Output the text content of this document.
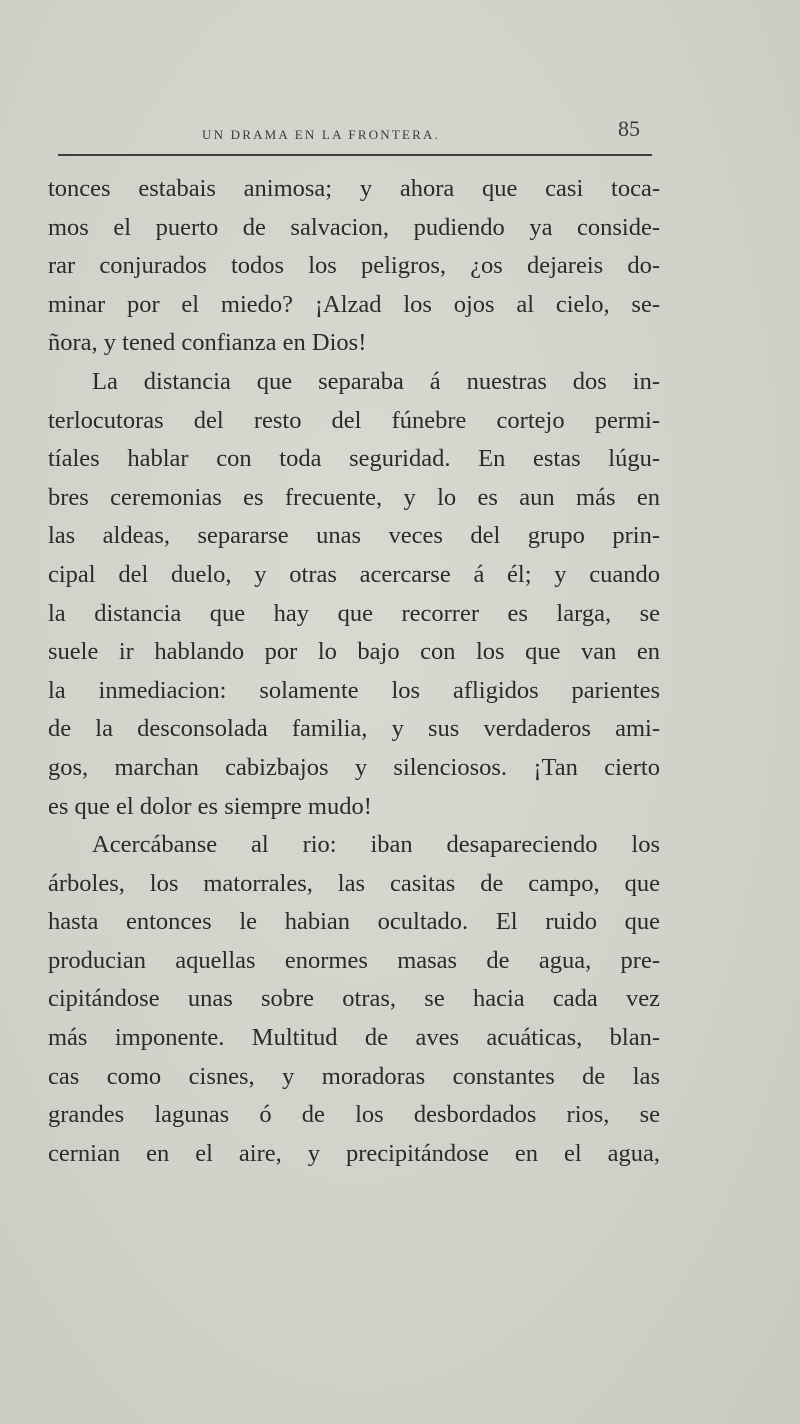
UN DRAMA EN LA FRONTERA.	85
tonces estabais animosa; y ahora que casi toca-
mos el puerto de salvacion, pudiendo ya conside-
rar conjurados todos los peligros, ¿os dejareis do-
minar por el miedo? ¡Alzad los ojos al cielo, se-
ñora, y tened confianza en Dios!
La distancia que separaba á nuestras dos in-
terlocutoras del resto del fúnebre cortejo permi-
tíales hablar con toda seguridad. En estas lúgu-
bres ceremonias es frecuente, y lo es aun más en
las aldeas, separarse unas veces del grupo prin-
cipal del duelo, y otras acercarse á él; y cuando
la distancia que hay que recorrer es larga, se
suele ir hablando por lo bajo con los que van en
la inmediacion: solamente los afligidos parientes
de la desconsolada familia, y sus verdaderos ami-
gos, marchan cabizbajos y silenciosos. ¡Tan cierto
es que el dolor es siempre mudo!
Acercábanse al rio: iban desapareciendo los
árboles, los matorrales, las casitas de campo, que
hasta entonces le habian ocultado. El ruido que
producian aquellas enormes masas de agua, pre-
cipitándose unas sobre otras, se hacia cada vez
más imponente. Multitud de aves acuáticas, blan-
cas como cisnes, y moradoras constantes de las
grandes lagunas ó de los desbordados rios, se
cernian en el aire, y precipitándose en el agua,
